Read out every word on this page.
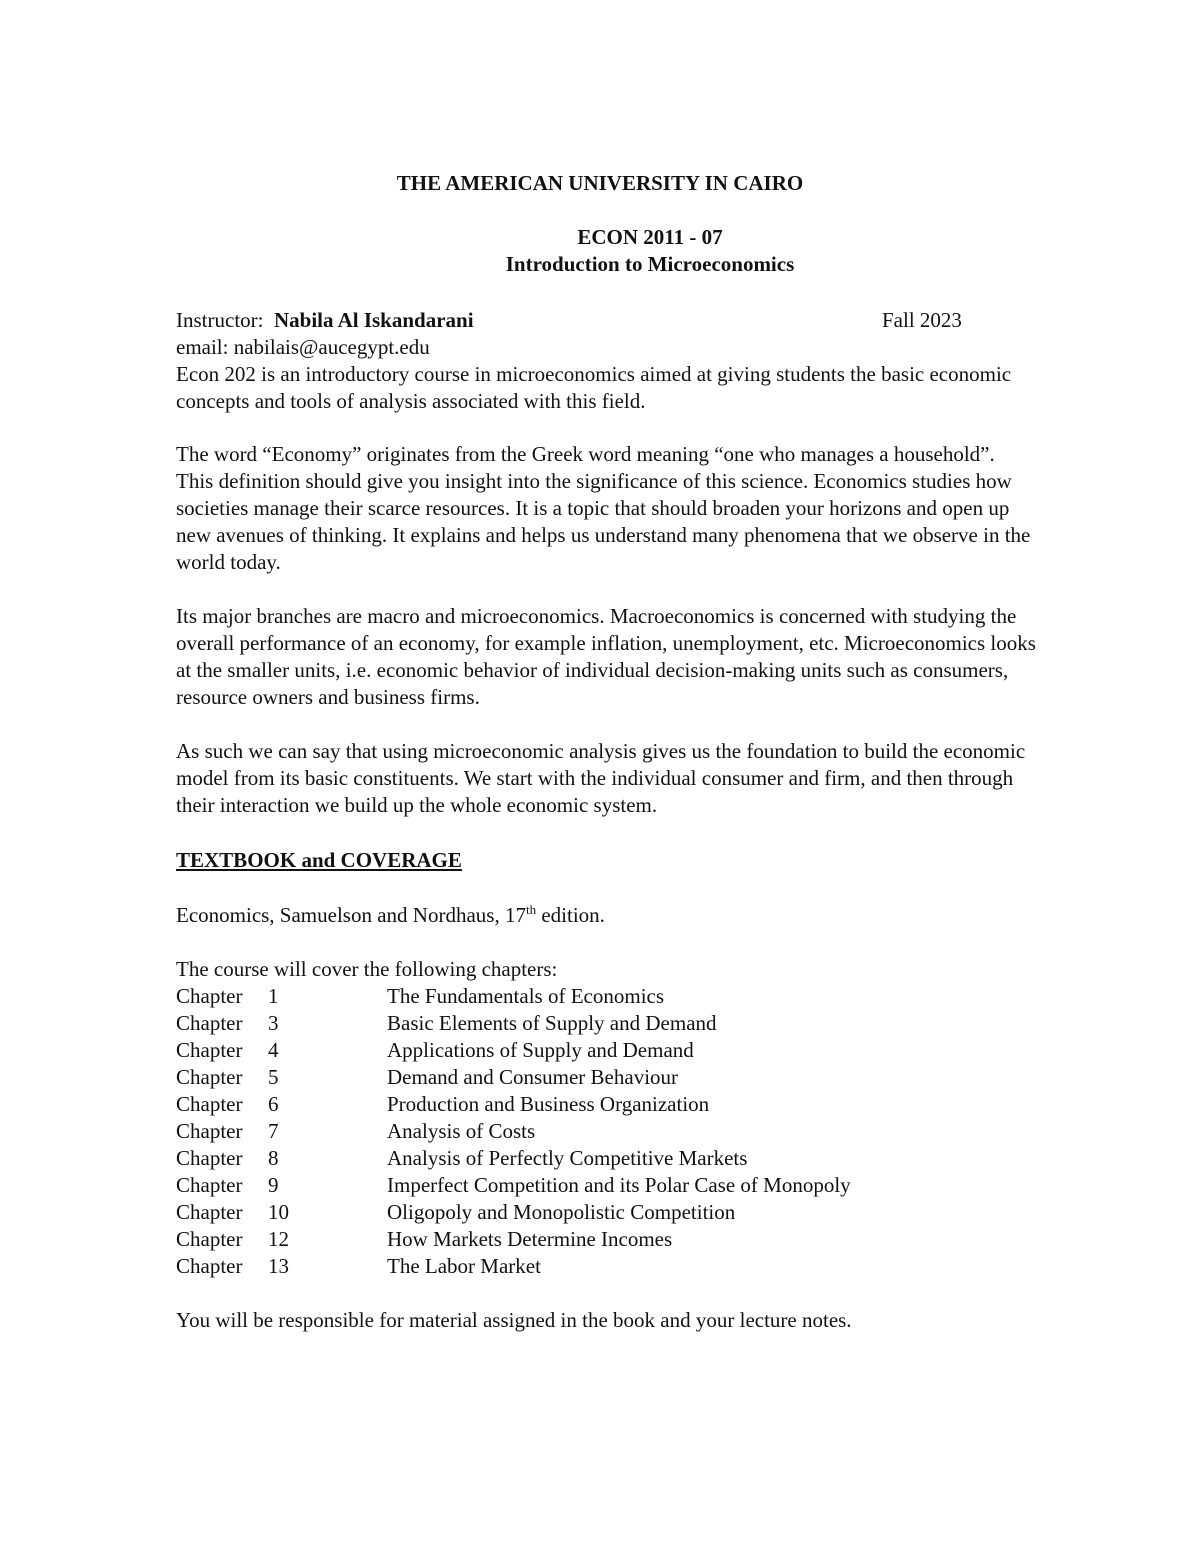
THE AMERICAN UNIVERSITY IN CAIRO
ECON 2011 - 07
Introduction to Microeconomics
Instructor: Nabila Al Iskandarani	Fall 2023
email: nabilais@aucegypt.edu

Econ 202 is an introductory course in microeconomics aimed at giving students the basic economic concepts and tools of analysis associated with this field.

The word “Economy” originates from the Greek word meaning “one who manages a household”. This definition should give you insight into the significance of this science. Economics studies how societies manage their scarce resources. It is a topic that should broaden your horizons and open up new avenues of thinking. It explains and helps us understand many phenomena that we observe in the world today.

Its major branches are macro and microeconomics. Macroeconomics is concerned with studying the overall performance of an economy, for example inflation, unemployment, etc. Microeconomics looks at the smaller units, i.e. economic behavior of individual decision-making units such as consumers, resource owners and business firms.

As such we can say that using microeconomic analysis gives us the foundation to build the economic model from its basic constituents. We start with the individual consumer and firm, and then through their interaction we build up the whole economic system.

TEXTBOOK and COVERAGE
Economics, Samuelson and Nordhaus, 17th edition.
The course will cover the following chapters:
Chapter 1	The Fundamentals of Economics
Chapter 3	Basic Elements of Supply and Demand
Chapter 4	Applications of Supply and Demand
Chapter 5	Demand and Consumer Behaviour
Chapter 6	Production and Business Organization
Chapter 7	Analysis of Costs
Chapter 8	Analysis of Perfectly Competitive Markets
Chapter 9	Imperfect Competition and its Polar Case of Monopoly
Chapter 10	Oligopoly and Monopolistic Competition
Chapter 12	How Markets Determine Incomes
Chapter 13	The Labor Market
You will be responsible for material assigned in the book and your lecture notes.
